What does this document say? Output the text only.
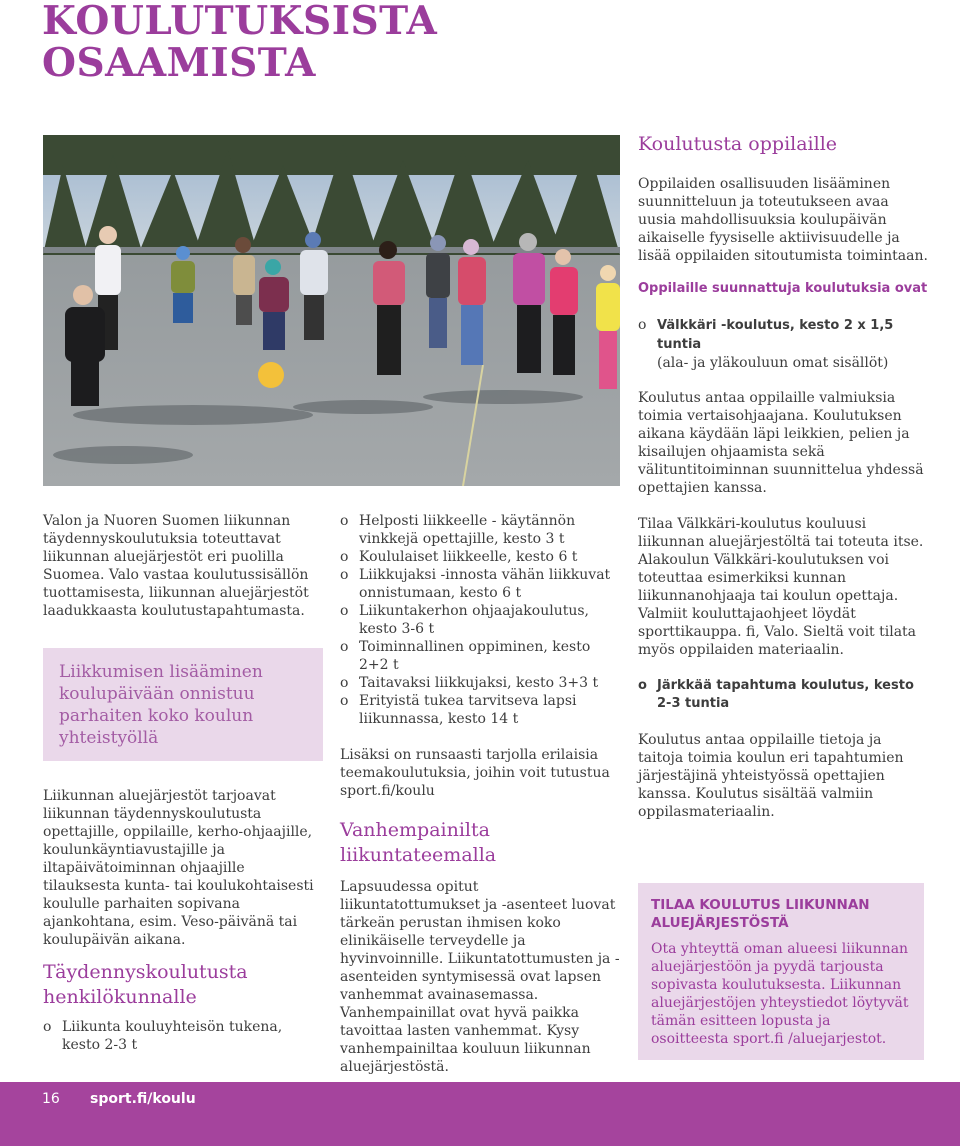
KOULUTUKSISTA
OSAAMISTA

Valon ja Nuoren Suomen liikunnan täydennyskoulutuksia toteuttavat liikunnan aluejärjestöt eri puolilla Suomea. Valo vastaa koulutussisällön tuottamisesta, liikunnan aluejärjestöt laadukkaasta koulutustapahtumasta.

Liikkumisen lisääminen koulupäivään onnistuu parhaiten koko koulun yhteistyöllä

Liikunnan aluejärjestöt tarjoavat liikunnan täydennyskoulutusta opettajille, oppilaille, kerho-ohjaajille, koulunkäyntiavustajille ja iltapäivätoiminnan ohjaajille tilauksesta kunta- tai koulukohtaisesti koululle parhaiten sopivana ajankohtana, esim. Veso-päivänä tai koulupäivän aikana.

Täydennyskoulutusta henkilökunnalle
o Liikunta kouluyhteisön tukena, kesto 2-3 t
o Helposti liikkeelle - käytännön vinkkejä opettajille, kesto 3 t
o Koululaiset liikkeelle, kesto 6 t
o Liikkujaksi -innosta vähän liikkuvat onnistumaan, kesto 6 t
o Liikuntakerhon ohjaajakoulutus, kesto 3-6 t
o Toiminnallinen oppiminen, kesto 2+2 t
o Taitavaksi liikkujaksi, kesto 3+3 t
o Erityistä tukea tarvitseva lapsi liikunnassa, kesto 14 t

Lisäksi on runsaasti tarjolla erilaisia teemakoulutuksia, joihin voit tutustua sport.fi/koulu

Vanhempainilta liikuntateemalla

Lapsuudessa opitut liikuntatottumukset ja -asenteet luovat tärkeän perustan ihmisen koko elinikäiselle terveydelle ja hyvinvoinnille. Liikuntatottumusten ja -asenteiden syntymisessä ovat lapsen vanhemmat avainasemassa. Vanhempainillat ovat hyvä paikka tavoittaa lasten vanhemmat. Kysy vanhempainiltaa kouluun liikunnan aluejärjestöstä.

Koulutusta oppilaille

Oppilaiden osallisuuden lisääminen suunnitteluun ja toteutukseen avaa uusia mahdollisuuksia koulupäivän aikaiselle fyysiselle aktiivisuudelle ja lisää oppilaiden sitoutumista toimintaan.

Oppilaille suunnattuja koulutuksia ovat

o Välkkäri -koulutus, kesto 2 x 1,5 tuntia
(ala- ja yläkouluun omat sisällöt)

Koulutus antaa oppilaille valmiuksia toimia vertaisohjaajana. Koulutuksen aikana käydään läpi leikkien, pelien ja kisailujen ohjaamista sekä välituntitoiminnan suunnittelua yhdessä opettajien kanssa.

Tilaa Välkkäri-koulutus kouluusi liikunnan aluejärjestöltä tai toteuta itse. Alakoulun Välkkäri-koulutuksen voi toteuttaa esimerkiksi kunnan liikunnanohjaaja tai koulun opettaja. Valmiit kouluttajaohjeet löydät sporttikauppa. fi, Valo. Sieltä voit tilata myös oppilaiden materiaalin.

o Järkkää tapahtuma koulutus, kesto 2-3 tuntia

Koulutus antaa oppilaille tietoja ja taitoja toimia koulun eri tapahtumien järjestäjinä yhteistyössä opettajien kanssa. Koulutus sisältää valmiin oppilasmateriaalin.

TILAA KOULUTUS LIIKUNNAN ALUEJÄRJESTÖSTÄ

Ota yhteyttä oman alueesi liikunnan aluejärjestöön ja pyydä tarjousta sopivasta koulutuksesta. Liikunnan aluejärjestöjen yhteystiedot löytyvät tämän esitteen lopusta ja osoitteesta sport.fi /aluejarjestot.

16 sport.fi/koulu
